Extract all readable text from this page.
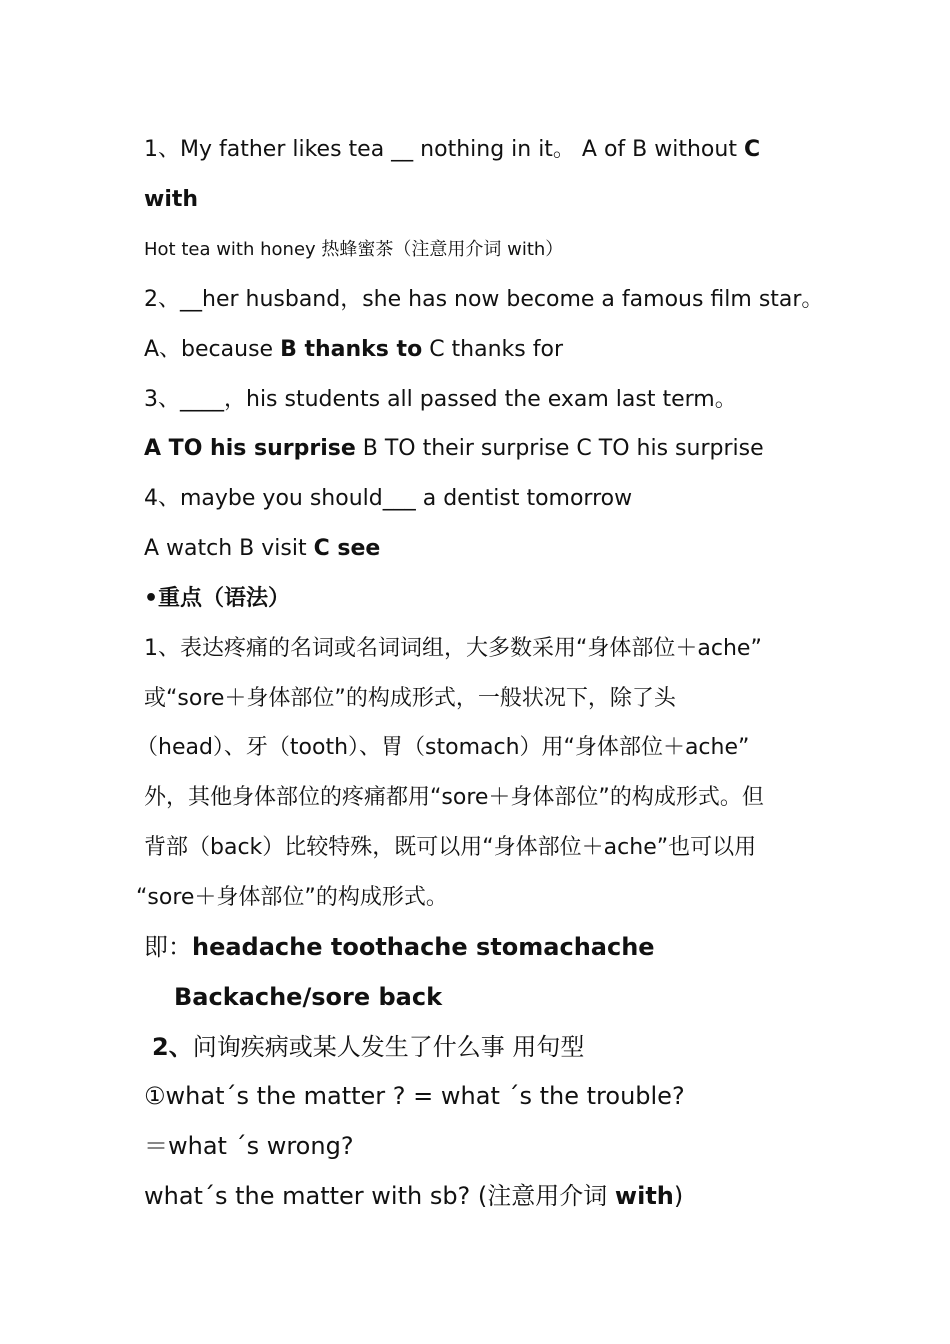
1、My father likes tea __ nothing in it。 A of B without C
with
Hot tea with honey 热蜂蜜茶（注意用介词 with）
2、__her husband，she has now become a famous film star。
A、because B thanks to C thanks for
3、____，his students all passed the exam last term。
A TO his surprise B TO their surprise C TO his surprise
4、maybe you should___ a dentist tomorrow
A watch B visit C see
•重点（语法）
1、表达疼痛的名词或名词词组，大多数采用“身体部位＋ache”
或“sore＋身体部位”的构成形式，一般状况下，除了头
（head）、牙（tooth）、胃（stomach）用“身体部位＋ache”
外，其他身体部位的疼痛都用“sore＋身体部位”的构成形式。但
背部（back）比较特殊，既可以用“身体部位＋ache”也可以用
“sore＋身体部位”的构成形式。
即：headache toothache stomachache
Backache/sore back
2、问询疾病或某人发生了什么事 用句型
①what´s the matter ? = what ´s the trouble?
＝what ´s wrong?
what´s the matter with sb? (注意用介词 with)
